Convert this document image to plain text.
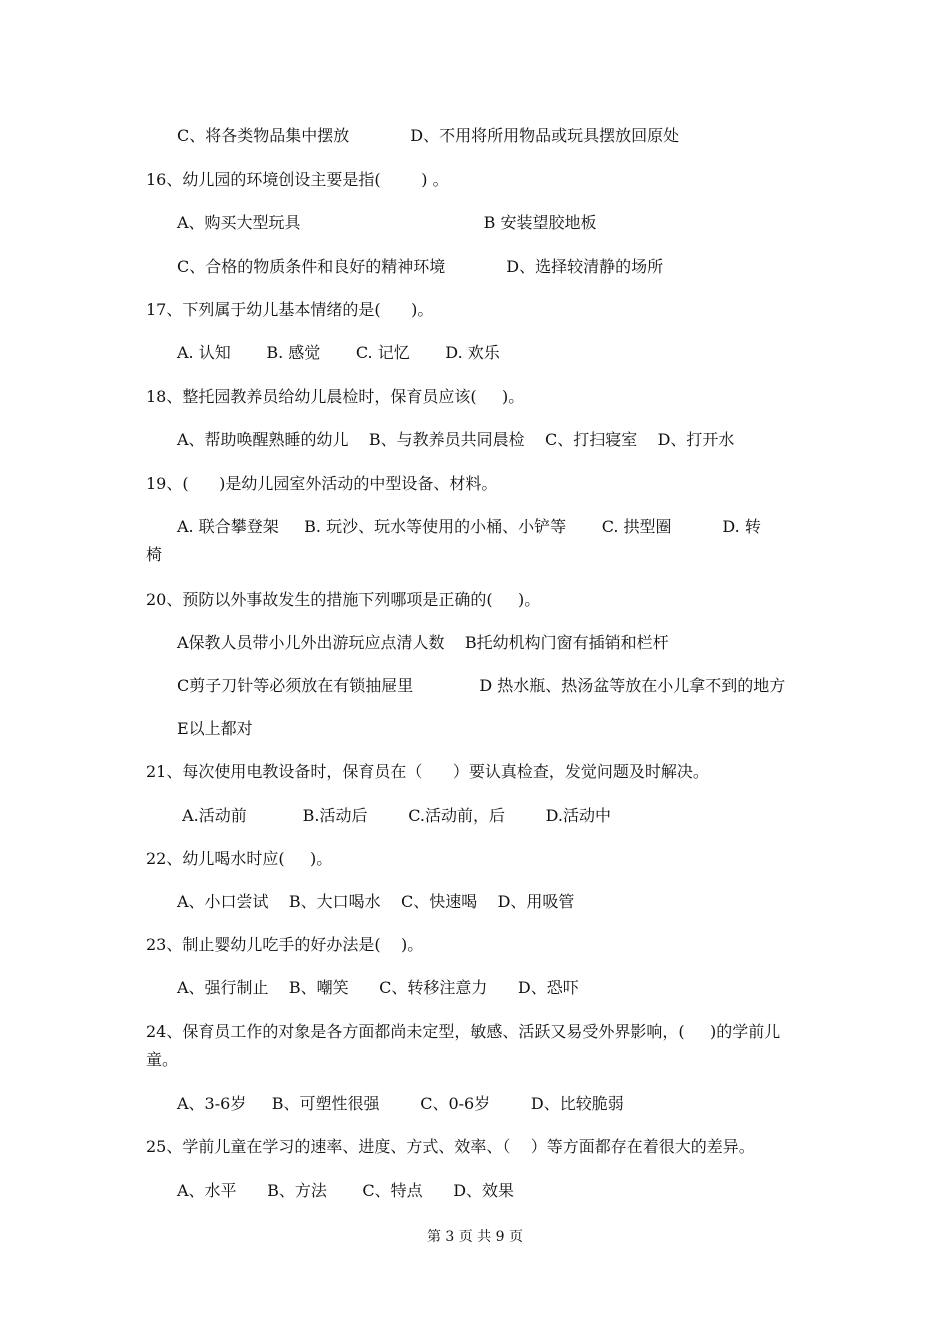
C、将各类物品集中摆放            D、不用将所用物品或玩具摆放回原处
16、幼儿园的环境创设主要是指(        ) 。
A、购买大型玩具                                    B 安装望胶地板
C、合格的物质条件和良好的精神环境            D、选择较清静的场所
17、下列属于幼儿基本情绪的是(      )。
A. 认知       B. 感觉       C. 记忆       D. 欢乐
18、整托园教养员给幼儿晨检时，保育员应该(     )。
A、帮助唤醒熟睡的幼儿    B、与教养员共同晨检    C、打扫寝室    D、打开水
19、(      )是幼儿园室外活动的中型设备、材料。
A. 联合攀登架     B. 玩沙、玩水等使用的小桶、小铲等       C. 拱型圈          D. 转
椅
20、预防以外事故发生的措施下列哪项是正确的(     )。
A保教人员带小儿外出游玩应点清人数    B托幼机构门窗有插销和栏杆
C剪子刀针等必须放在有锁抽屉里             D 热水瓶、热汤盆等放在小儿拿不到的地方
E以上都对
21、每次使用电教设备时，保育员在（      ）要认真检查，发觉问题及时解决。
A.活动前           B.活动后        C.活动前，后        D.活动中
22、幼儿喝水时应(     )。
A、小口尝试    B、大口喝水    C、快速喝    D、用吸管
23、制止婴幼儿吃手的好办法是(    )。
A、强行制止    B、嘲笑      C、转移注意力      D、恐吓
24、保育员工作的对象是各方面都尚未定型，敏感、活跃又易受外界影响，(     )的学前儿
童。
A、3-6岁     B、可塑性很强        C、0-6岁        D、比较脆弱
25、学前儿童在学习的速率、进度、方式、效率、（    ）等方面都存在着很大的差异。
A、水平      B、方法       C、特点      D、效果
第 3 页 共 9 页
